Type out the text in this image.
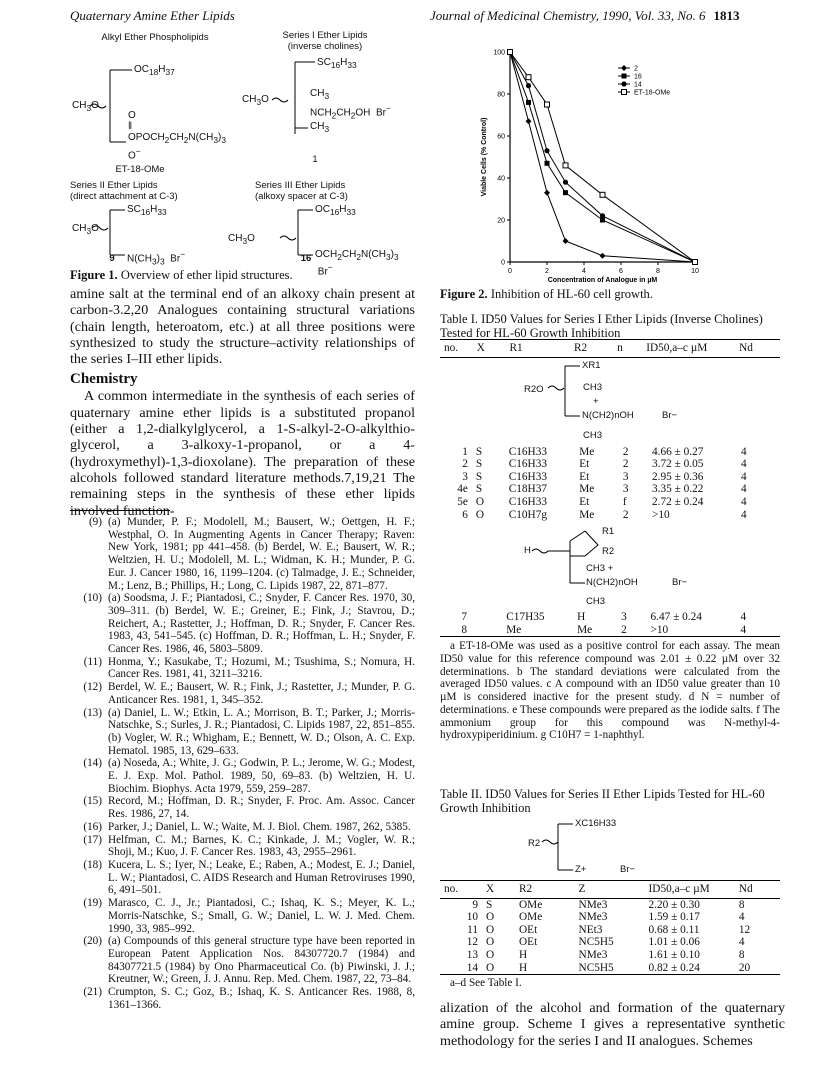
Quaternary Amine Ether Lipids	Journal of Medicinal Chemistry, 1990, Vol. 33, No. 6 1813
Alkyl Ether Phospholipids	Series I Ether Lipids
(inverse cholines)
$OC_{18}H_{37}$
$CH_3O$
O
‖
$OPOCH_2CH_2N(CH_3)_3$
O−
ET-18-OMe
$SC_{16}H_{33}$
$CH_3O$
$CH_3$
$NCH_2CH_2OH$  Br−
$CH_3$
1
Series II Ether Lipids
(direct attachment at C-3)
Series III Ether Lipids
(alkoxy spacer at C-3)
$SC_{16}H_{33}$
$CH_3O$
$N(CH_3)_3$  Br−
$OC_{16}H_{33}$
$CH_3O$
$OCH_2CH_2N(CH_3)_3$  Br−
9	16
Figure 1. Overview of ether lipid structures.

amine salt at the terminal end of an alkoxy chain present at carbon-3.2,20 Analogues containing structural variations (chain length, heteroatom, etc.) at all three positions were synthesized to study the structure–activity relationships of the series I–III ether lipids.

Chemistry

A common intermediate in the synthesis of each series of quaternary amine ether lipids is a substituted propanol (either a 1,2-dialkylglycerol, a 1-S-alkyl-2-O-alkylthio-glycerol, a 3-alkoxy-1-propanol, or a 4-(hydroxymethyl)-1,3-dioxolane). The preparation of these alcohols followed standard literature methods.7,19,21 The remaining steps in the synthesis of these ether lipids involved function-

(9) (a) Munder, P. F.; Modolell, M.; Bausert, W.; Oettgen, H. F.; Westphal, O. In Augmenting Agents in Cancer Therapy; Raven: New York, 1981; pp 441–458. (b) Berdel, W. E.; Bausert, W. R.; Weltzien, H. U.; Modolell, M. L.; Widman, K. H.; Munder, P. G. Eur. J. Cancer 1980, 16, 1199–1204. (c) Talmadge, J. E.; Schneider, M.; Lenz, B.; Phillips, H.; Long, C. Lipids 1987, 22, 871–877.
(10) (a) Soodsma, J. F.; Piantadosi, C.; Snyder, F. Cancer Res. 1970, 30, 309–311. (b) Berdel, W. E.; Greiner, E.; Fink, J.; Stavrou, D.; Reichert, A.; Rastetter, J.; Hoffman, D. R.; Snyder, F. Cancer Res. 1983, 43, 541–545. (c) Hoffman, D. R.; Hoffman, L. H.; Snyder, F. Cancer Res. 1986, 46, 5803–5809.
(11) Honma, Y.; Kasukabe, T.; Hozumi, M.; Tsushima, S.; Nomura, H. Cancer Res. 1981, 41, 3211–3216.
(12) Berdel, W. E.; Bausert, W. R.; Fink, J.; Rastetter, J.; Munder, P. G. Anticancer Res. 1981, 1, 345–352.
(13) (a) Daniel, L. W.; Etkin, L. A.; Morrison, B. T.; Parker, J.; Morris-Natschke, S.; Surles, J. R.; Piantadosi, C. Lipids 1987, 22, 851–855. (b) Vogler, W. R.; Whigham, E.; Bennett, W. D.; Olson, A. C. Exp. Hematol. 1985, 13, 629–633.
(14) (a) Noseda, A.; White, J. G.; Godwin, P. L.; Jerome, W. G.; Modest, E. J. Exp. Mol. Pathol. 1989, 50, 69–83. (b) Weltzien, H. U. Biochim. Biophys. Acta 1979, 559, 259–287.
(15) Record, M.; Hoffman, D. R.; Snyder, F. Proc. Am. Assoc. Cancer Res. 1986, 27, 14.
(16) Parker, J.; Daniel, L. W.; Waite, M. J. Biol. Chem. 1987, 262, 5385.
(17) Helfman, C. M.; Barnes, K. C.; Kinkade, J. M.; Vogler, W. R.; Shoji, M.; Kuo, J. F. Cancer Res. 1983, 43, 2955–2961.
(18) Kucera, L. S.; Iyer, N.; Leake, E.; Raben, A.; Modest, E. J.; Daniel, L. W.; Piantadosi, C. AIDS Research and Human Retroviruses 1990, 6, 491–501.
(19) Marasco, C. J., Jr.; Piantadosi, C.; Ishaq, K. S.; Meyer, K. L.; Morris-Natschke, S.; Small, G. W.; Daniel, L. W. J. Med. Chem. 1990, 33, 985–992.
(20) (a) Compounds of this general structure type have been reported in European Patent Application Nos. 84307720.7 (1984) and 84307721.5 (1984) by Ono Pharmaceutical Co. (b) Piwinski, J. J.; Kreutner, W.; Green, J. J. Annu. Rep. Med. Chem. 1987, 22, 73–84.
(21) Crumpton, S. C.; Goz, B.; Ishaq, K. S. Anticancer Res. 1988, 8, 1361–1366.
0
20
40
60
80
100
0	2	4	6	8	10
Concentration of Analogue in µM
Viable Cells (% Control)
2
16
14
ET-18-OMe
Figure 2. Inhibition of HL-60 cell growth.
Table I. ID50 Values for Series I Ether Lipids (Inverse Cholines) Tested for HL-60 Growth Inhibition
no.	X	R1	R2	n	ID50,a–c µM	Nd
XR1
R2O	CH3
+
N(CH2)nOH	Br−
CH3
1	S	C16H33	Me	2	4.66 ± 0.27	4
2	S	C16H33	Et	2	3.72 ± 0.05	4
3	S	C16H33	Et	3	2.95 ± 0.36	4
4e	S	C18H37	Me	3	3.35 ± 0.22	4
5e	O	C16H33	Et	f	2.72 ± 0.24	4
6	O	C10H7g	Me	2	>10	4
R1
H	R2
CH3 +
N(CH2)nOH	Br−
CH3
7		C17H35	H	3	6.47 ± 0.24	4
8		Me	Me	2	>10	4
a ET-18-OMe was used as a positive control for each assay. The mean ID50 value for this reference compound was 2.01 ± 0.22 µM over 32 determinations. b The standard deviations were calculated from the averaged ID50 values. c A compound with an ID50 value greater than 10 µM is considered inactive for the present study. d N = number of determinations. e These compounds were prepared as the iodide salts. f The ammonium group for this compound was N-methyl-4-hydroxypiperidinium. g C10H7 = 1-naphthyl.
Table II. ID50 Values for Series II Ether Lipids Tested for HL-60 Growth Inhibition
XC16H33
R2
Z+	Br−
no.	X	R2	Z	ID50,a–c µM	Nd
9	S	OMe	NMe3	2.20 ± 0.30	8
10	O	OMe	NMe3	1.59 ± 0.17	4
11	O	OEt	NEt3	0.68 ± 0.11	12
12	O	OEt	NC5H5	1.01 ± 0.06	4
13	O	H	NMe3	1.61 ± 0.10	8
14	O	H	NC5H5	0.82 ± 0.24	20
a–d See Table I.

alization of the alcohol and formation of the quaternary amine group. Scheme I gives a representative synthetic methodology for the series I and II analogues. Schemes
